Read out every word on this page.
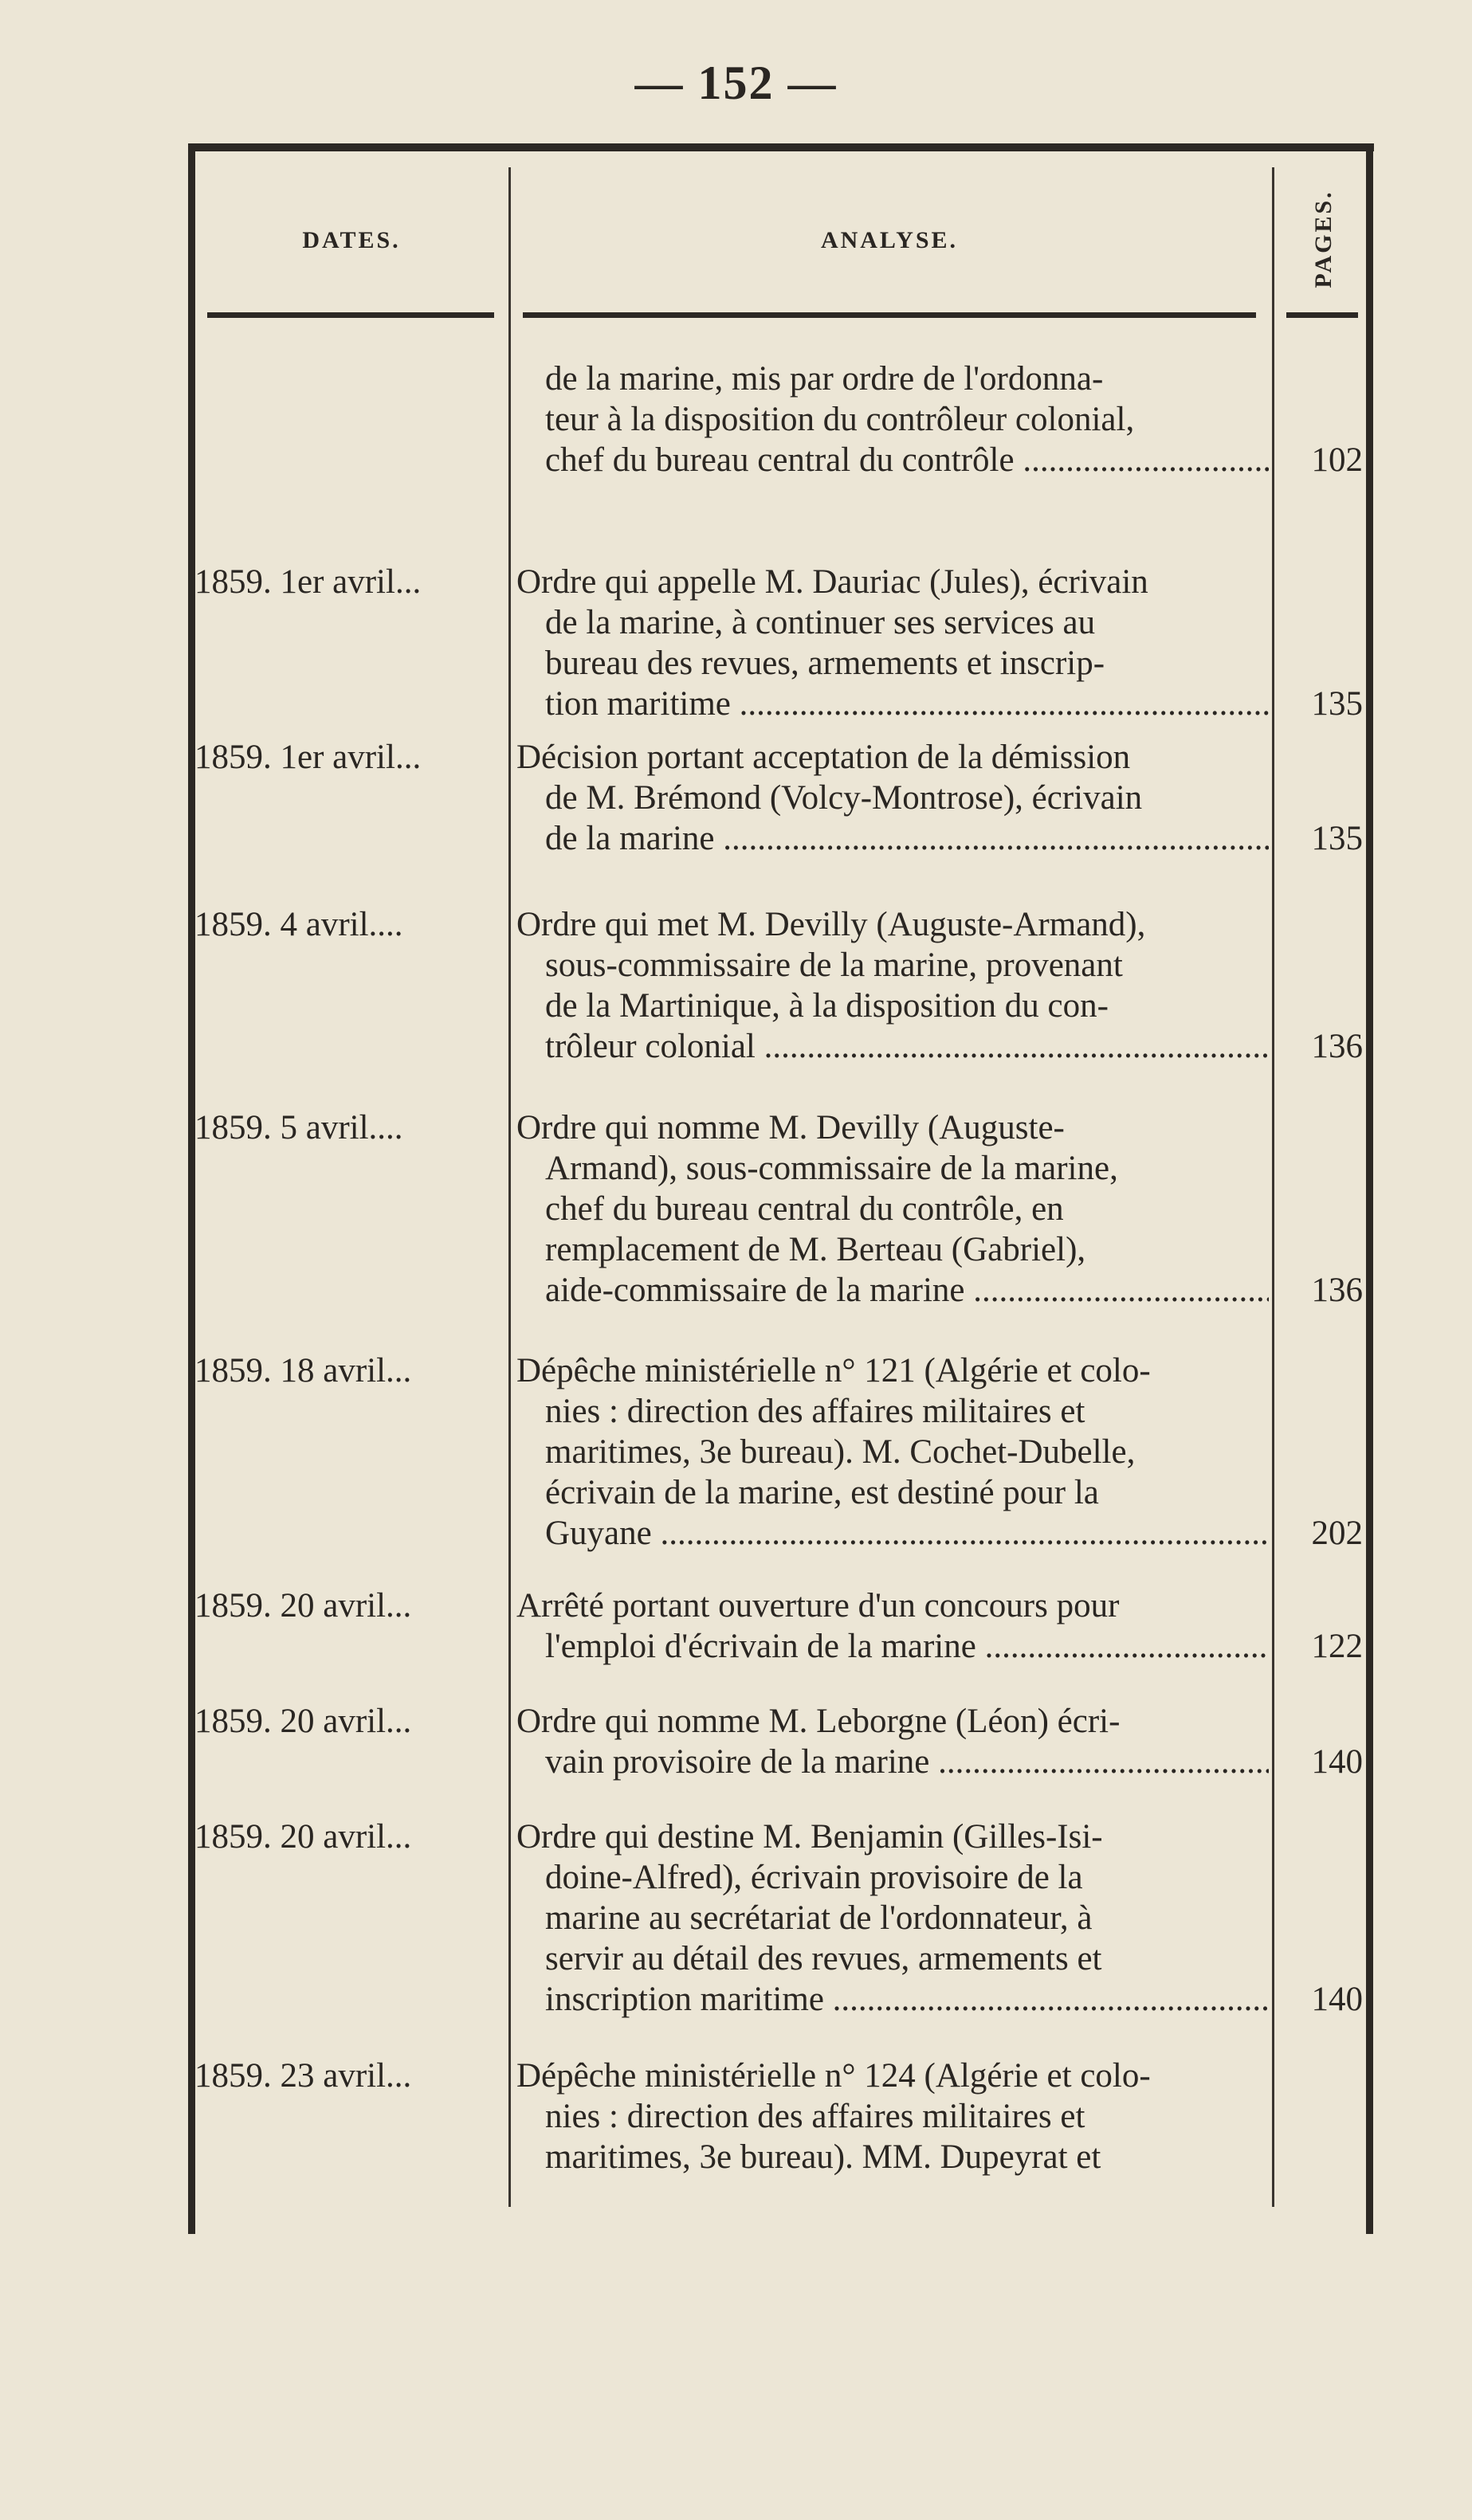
— 152 —
DATES.	ANALYSE.	PAGES.
de la marine, mis par ordre de l'ordonna-
teur à la disposition du contrôleur colonial,
chef du bureau central du contrôle .....	102
1859. 1er avril...	Ordre qui appelle M. Dauriac (Jules), écrivain
de la marine, à continuer ses services au
bureau des revues, armements et inscrip-
tion maritime .....	135
1859. 1er avril...	Décision portant acceptation de la démission
de M. Brémond (Volcy-Montrose), écrivain
de la marine .....	135
1859. 4 avril....	Ordre qui met M. Devilly (Auguste-Armand),
sous-commissaire de la marine, provenant
de la Martinique, à la disposition du con-
trôleur colonial .....	136
1859. 5 avril....	Ordre qui nomme M. Devilly (Auguste-
Armand), sous-commissaire de la marine,
chef du bureau central du contrôle, en
remplacement de M. Berteau (Gabriel),
aide-commissaire de la marine .....	136
1859. 18 avril...	Dépêche ministérielle n° 121 (Algérie et colo-
nies : direction des affaires militaires et
maritimes, 3e bureau). M. Cochet-Dubelle,
écrivain de la marine, est destiné pour la
Guyane .....	202
1859. 20 avril...	Arrêté portant ouverture d'un concours pour
l'emploi d'écrivain de la marine .....	122
1859. 20 avril...	Ordre qui nomme M. Leborgne (Léon) écri-
vain provisoire de la marine .....	140
1859. 20 avril...	Ordre qui destine M. Benjamin (Gilles-Isi-
doine-Alfred), écrivain provisoire de la
marine au secrétariat de l'ordonnateur, à
servir au détail des revues, armements et
inscription maritime .....	140
1859. 23 avril...	Dépêche ministérielle n° 124 (Algérie et colo-
nies : direction des affaires militaires et
maritimes, 3e bureau). MM. Dupeyrat et
